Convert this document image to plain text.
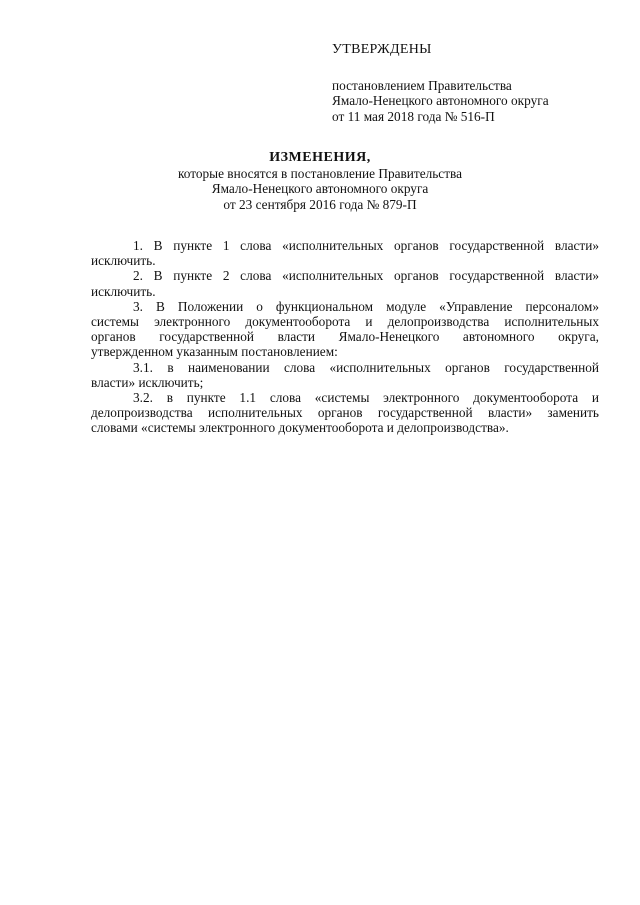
УТВЕРЖДЕНЫ
постановлением Правительства
Ямало-Ненецкого автономного округа
от 11 мая 2018 года № 516-П
ИЗМЕНЕНИЯ,
которые вносятся в постановление Правительства
Ямало-Ненецкого автономного округа
от 23 сентября 2016 года № 879-П

1. В пункте 1 слова «исполнительных органов государственной власти»
исключить.

2. В пункте 2 слова «исполнительных органов государственной власти»
исключить.

3. В Положении о функциональном модуле «Управление персоналом»
системы электронного документооборота и делопроизводства исполнительных
органов государственной власти Ямало-Ненецкого автономного округа,
утвержденном указанным постановлением:

3.1. в наименовании слова «исполнительных органов государственной
власти» исключить;

3.2. в пункте 1.1 слова «системы электронного документооборота и
делопроизводства исполнительных органов государственной власти» заменить
словами «системы электронного документооборота и делопроизводства».
